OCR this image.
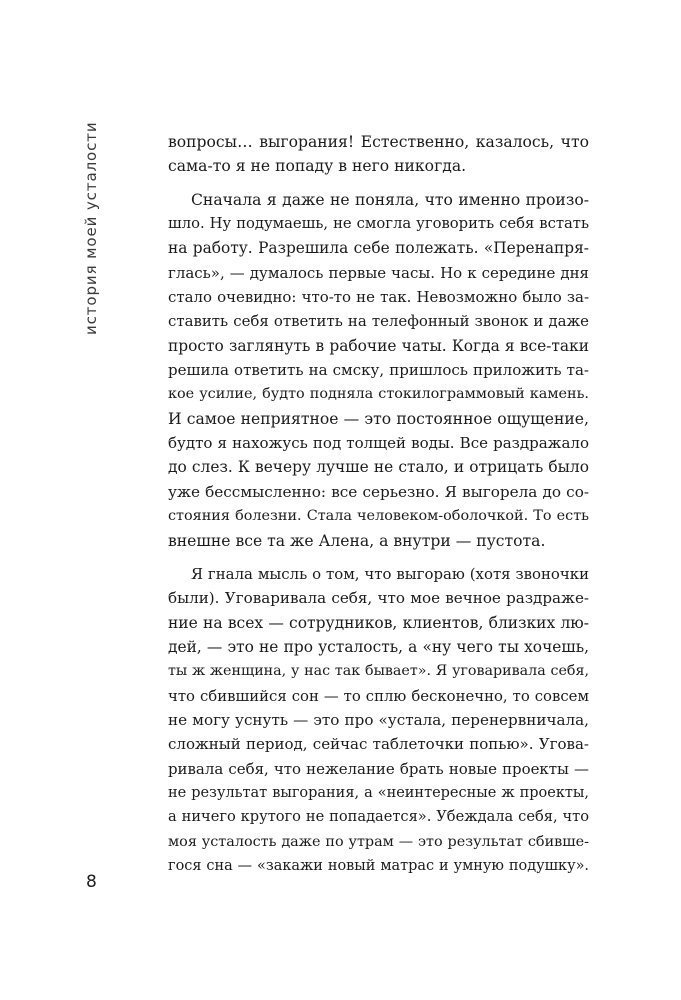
история моей усталости	вопросы… выгорания! Естественно, казалось, что
сама-то я не попаду в него никогда.
Сначала я даже не поняла, что именно произо-
шло. Ну подумаешь, не смогла уговорить себя встать
на работу. Разрешила себе полежать. «Перенапря-
глась», — думалось первые часы. Но к середине дня
стало очевидно: что-то не так. Невозможно было за-
ставить себя ответить на телефонный звонок и даже
просто заглянуть в рабочие чаты. Когда я все-таки
решила ответить на смску, пришлось приложить та-
кое усилие, будто подняла стокилограммовый камень.
И самое неприятное — это постоянное ощущение,
будто я нахожусь под толщей воды. Все раздражало
до слез. К вечеру лучше не стало, и отрицать было
уже бессмысленно: все серьезно. Я выгорела до со-
стояния болезни. Стала человеком-оболочкой. То есть
внешне все та же Алена, а внутри — пустота.
Я гнала мысль о том, что выгораю (хотя звоночки
были). Уговаривала себя, что мое вечное раздраже-
ние на всех — сотрудников, клиентов, близких лю-
дей, — это не про усталость, а «ну чего ты хочешь,
ты ж женщина, у нас так бывает». Я уговаривала себя,
что сбившийся сон — то сплю бесконечно, то совсем
не могу уснуть — это про «устала, перенервничала,
сложный период, сейчас таблеточки попью». Угова-
ривала себя, что нежелание брать новые проекты —
не результат выгорания, а «неинтересные ж проекты,
а ничего крутого не попадается». Убеждала себя, что
моя усталость даже по утрам — это результат сбивше-
гося сна — «закажи новый матрас и умную подушку».
8
